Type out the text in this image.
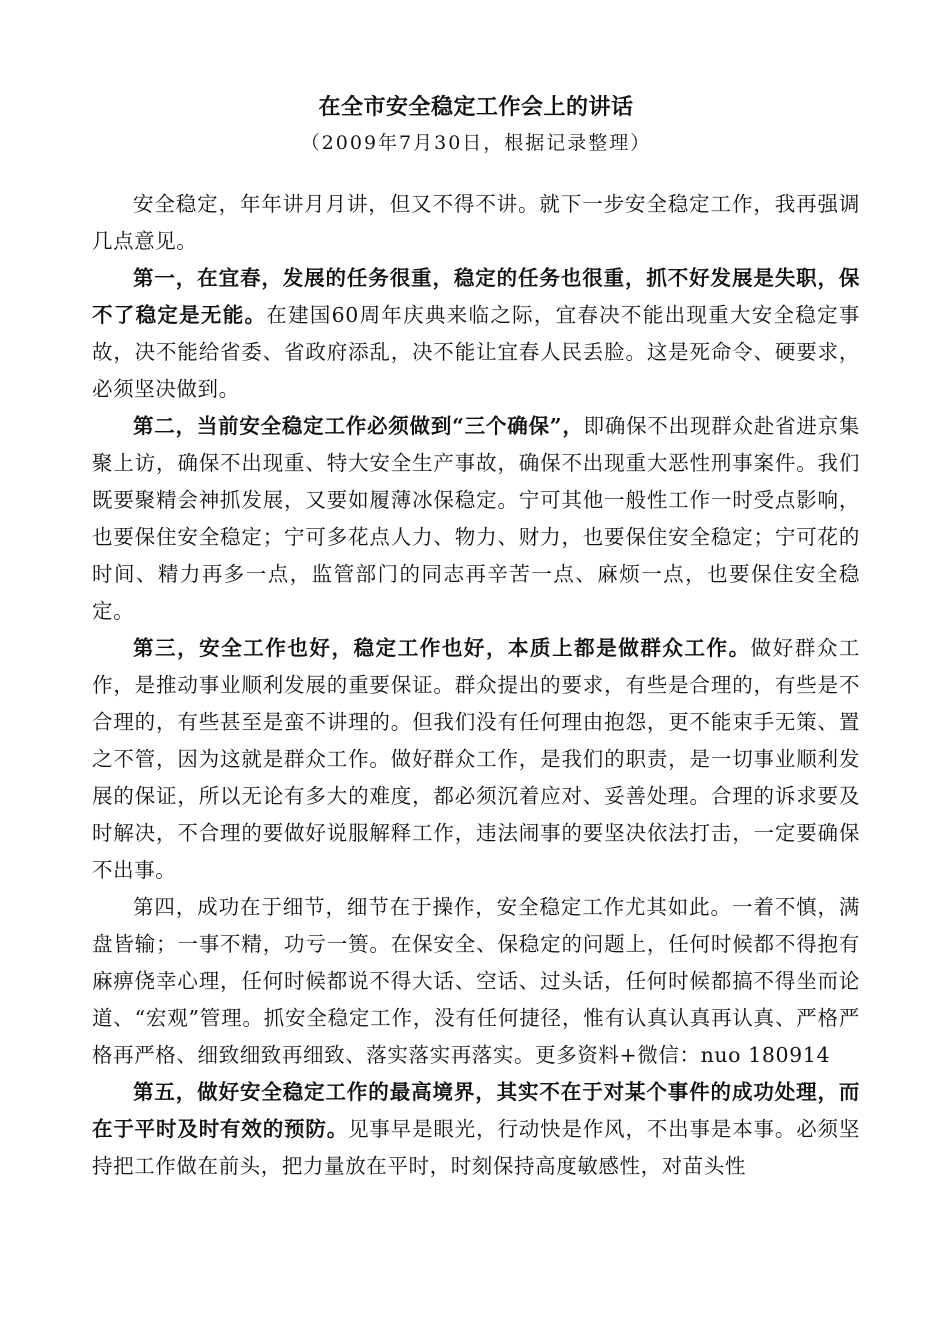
在全市安全稳定工作会上的讲话

（2009年7月30日，根据记录整理）

安全稳定，年年讲月月讲，但又不得不讲。就下一步安全稳定工作，我再强调几点意见。

第一，在宜春，发展的任务很重，稳定的任务也很重，抓不好发展是失职，保不了稳定是无能。在建国60周年庆典来临之际，宜春决不能出现重大安全稳定事故，决不能给省委、省政府添乱，决不能让宜春人民丢脸。这是死命令、硬要求，必须坚决做到。

第二，当前安全稳定工作必须做到“三个确保”，即确保不出现群众赴省进京集聚上访，确保不出现重、特大安全生产事故，确保不出现重大恶性刑事案件。我们既要聚精会神抓发展，又要如履薄冰保稳定。宁可其他一般性工作一时受点影响，也要保住安全稳定；宁可多花点人力、物力、财力，也要保住安全稳定；宁可花的时间、精力再多一点，监管部门的同志再辛苦一点、麻烦一点，也要保住安全稳定。

第三，安全工作也好，稳定工作也好，本质上都是做群众工作。做好群众工作，是推动事业顺利发展的重要保证。群众提出的要求，有些是合理的，有些是不合理的，有些甚至是蛮不讲理的。但我们没有任何理由抱怨，更不能束手无策、置之不管，因为这就是群众工作。做好群众工作，是我们的职责，是一切事业顺利发展的保证，所以无论有多大的难度，都必须沉着应对、妥善处理。合理的诉求要及时解决，不合理的要做好说服解释工作，违法闹事的要坚决依法打击，一定要确保不出事。

第四，成功在于细节，细节在于操作，安全稳定工作尤其如此。一着不慎，满盘皆输；一事不精，功亏一篑。在保安全、保稳定的问题上，任何时候都不得抱有麻痹侥幸心理，任何时候都说不得大话、空话、过头话，任何时候都搞不得坐而论道、“宏观”管理。抓安全稳定工作，没有任何捷径，惟有认真认真再认真、严格严格再严格、细致细致再细致、落实落实再落实。更多资料+微信：nuo 180914

第五，做好安全稳定工作的最高境界，其实不在于对某个事件的成功处理，而在于平时及时有效的预防。见事早是眼光，行动快是作风，不出事是本事。必须坚持把工作做在前头，把力量放在平时，时刻保持高度敏感性，对苗头性
